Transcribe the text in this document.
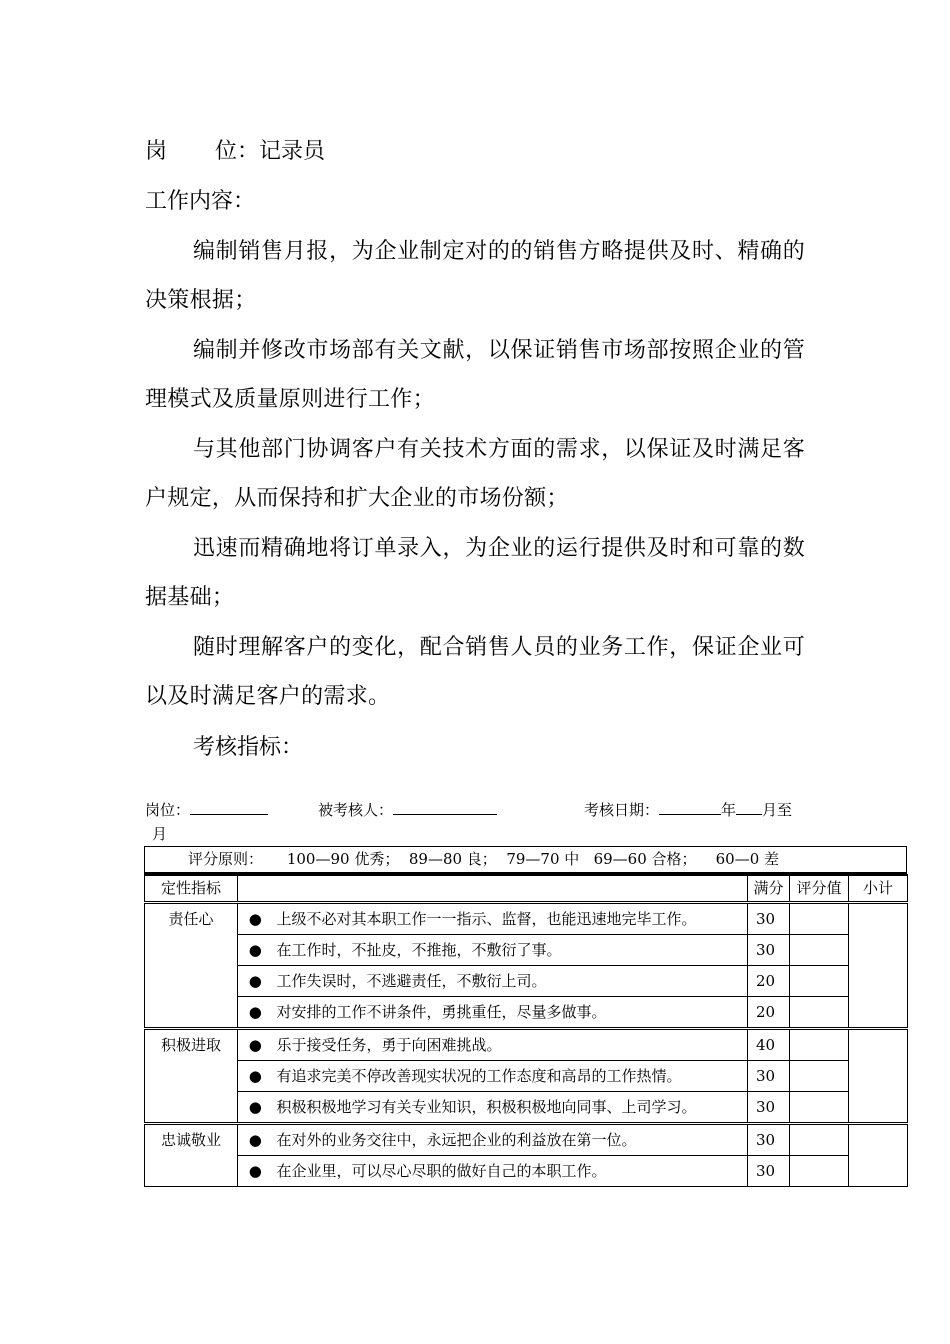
岗 位：记录员
工作内容：
编制销售月报，为企业制定对的的销售方略提供及时、精确的决策根据；
编制并修改市场部有关文献，以保证销售市场部按照企业的管理模式及质量原则进行工作；
与其他部门协调客户有关技术方面的需求，以保证及时满足客户规定，从而保持和扩大企业的市场份额；
迅速而精确地将订单录入，为企业的运行提供及时和可靠的数据基础；
随时理解客户的变化，配合销售人员的业务工作，保证企业可以及时满足客户的需求。
考核指标：
岗位：	被考核人：	考核日期：	年 月至
月
评分原则：     100—90 优秀；  89—80 良；  79—70 中   69—60 合格；    60—0 差
定性指标			满分	评分值	小计
责任心	●	上级不必对其本职工作一一指示、监督，也能迅速地完毕工作。	30		
	●	在工作时，不扯皮，不推拖，不敷衍了事。	30		
	●	工作失误时，不逃避责任，不敷衍上司。	20		
	●	对安排的工作不讲条件，勇挑重任，尽量多做事。	20		
积极进取	●	乐于接受任务，勇于向困难挑战。	40		
	●	有追求完美不停改善现实状况的工作态度和高昂的工作热情。	30		
	●	积极积极地学习有关专业知识，积极积极地向同事、上司学习。	30		
忠诚敬业	●	在对外的业务交往中，永远把企业的利益放在第一位。	30		
	●	在企业里，可以尽心尽职的做好自己的本职工作。	30		
